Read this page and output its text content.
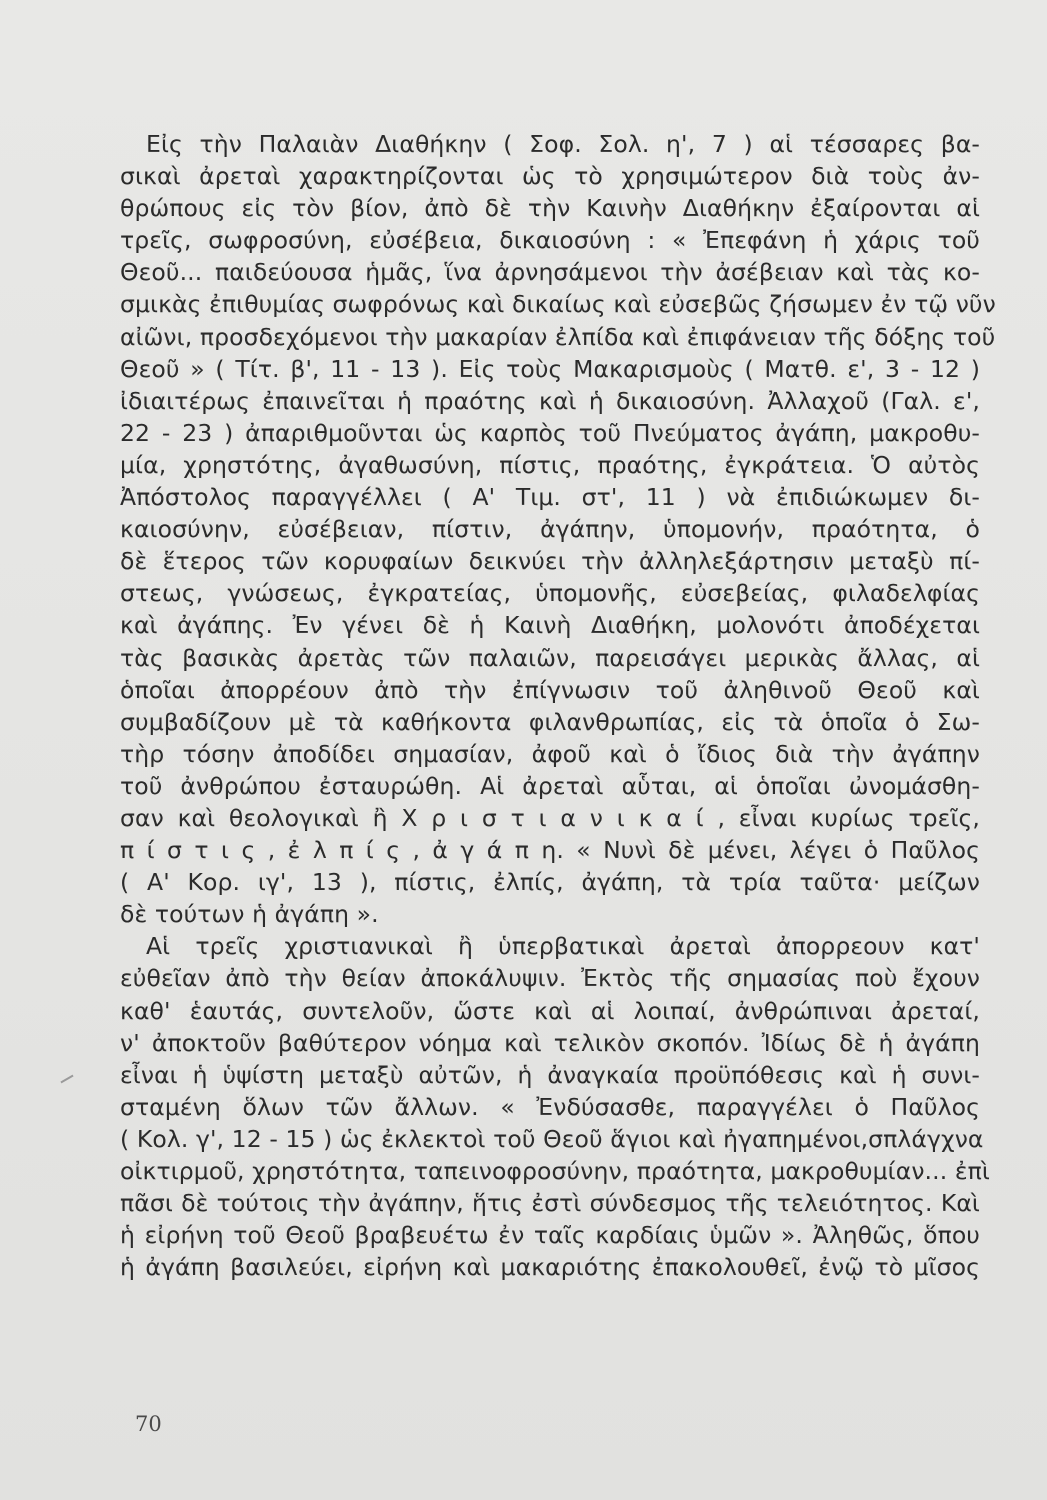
Εἰς τὴν Παλαιὰν Διαθήκην ( Σοφ. Σολ. η', 7 ) αἱ τέσσαρες βα-
σικαὶ ἀρεταὶ χαρακτηρίζονται ὡς τὸ χρησιμώτερον διὰ τοὺς ἀν-
θρώπους εἰς τὸν βίον, ἀπὸ δὲ τὴν Καινὴν Διαθήκην ἐξαίρονται αἱ
τρεῖς, σωφροσύνη, εὐσέβεια, δικαιοσύνη : « Ἐπεφάνη ἡ χάρις τοῦ
Θεοῦ... παιδεύουσα ἡμᾶς, ἵνα ἀρνησάμενοι τὴν ἀσέβειαν καὶ τὰς κο-
σμικὰς ἐπιθυμίας σωφρόνως καὶ δικαίως καὶ εὐσεβῶς ζήσωμεν ἐν τῷ νῦν
αἰῶνι, προσδεχόμενοι τὴν μακαρίαν ἐλπίδα καὶ ἐπιφάνειαν τῆς δόξης τοῦ
Θεοῦ » ( Τίτ. β', 11 - 13 ). Εἰς τοὺς Μακαρισμοὺς ( Ματθ. ε', 3 - 12 )
ἰδιαιτέρως ἐπαινεῖται ἡ πραότης καὶ ἡ δικαιοσύνη. Ἀλλαχοῦ (Γαλ. ε',
22 - 23 ) ἀπαριθμοῦνται ὡς καρπὸς τοῦ Πνεύματος ἀγάπη, μακροθυ-
μία, χρηστότης, ἀγαθωσύνη, πίστις, πραότης, ἐγκράτεια. Ὁ αὐτὸς
Ἀπόστολος παραγγέλλει ( Α' Τιμ. στ', 11 ) νὰ ἐπιδιώκωμεν δι-
καιοσύνην, εὐσέβειαν, πίστιν, ἀγάπην, ὑπομονήν, πραότητα, ὁ
δὲ ἕτερος τῶν κορυφαίων δεικνύει τὴν ἀλληλεξάρτησιν μεταξὺ πί-
στεως, γνώσεως, ἐγκρατείας, ὑπομονῆς, εὐσεβείας, φιλαδελφίας
καὶ ἀγάπης. Ἐν γένει δὲ ἡ Καινὴ Διαθήκη, μολονότι ἀποδέχεται
τὰς βασικὰς ἀρετὰς τῶν παλαιῶν, παρεισάγει μερικὰς ἄλλας, αἱ
ὁποῖαι ἀπορρέουν ἀπὸ τὴν ἐπίγνωσιν τοῦ ἀληθινοῦ Θεοῦ καὶ
συμβαδίζουν μὲ τὰ καθήκοντα φιλανθρωπίας, εἰς τὰ ὁποῖα ὁ Σω-
τὴρ τόσην ἀποδίδει σημασίαν, ἀφοῦ καὶ ὁ ἴδιος διὰ τὴν ἀγάπην
τοῦ ἀνθρώπου ἐσταυρώθη. Αἱ ἀρεταὶ αὗται, αἱ ὁποῖαι ὠνομάσθη-
σαν καὶ θεολογικαὶ ἢ Χ ρ ι σ τ ι α ν ι κ α ί , εἶναι κυρίως τρεῖς,
π ί σ τ ι ς , ἐ λ π ί ς , ἀ γ ά π η. « Νυνὶ δὲ μένει, λέγει ὁ Παῦλος
( Α' Κορ. ιγ', 13 ), πίστις, ἐλπίς, ἀγάπη, τὰ τρία ταῦτα· μείζων
δὲ τούτων ἡ ἀγάπη ».

Αἱ τρεῖς χριστιανικαὶ ἢ ὑπερβατικαὶ ἀρεταὶ ἀπορρεουν κατ'
εὐθεῖαν ἀπὸ τὴν θείαν ἀποκάλυψιν. Ἐκτὸς τῆς σημασίας ποὺ ἔχουν
καθ' ἑαυτάς, συντελοῦν, ὥστε καὶ αἱ λοιπαί, ἀνθρώπιναι ἀρεταί,
ν' ἀποκτοῦν βαθύτερον νόημα καὶ τελικὸν σκοπόν. Ἰδίως δὲ ἡ ἀγάπη
εἶναι ἡ ὑψίστη μεταξὺ αὐτῶν, ἡ ἀναγκαία προϋπόθεσις καὶ ἡ συνι-
σταμένη ὅλων τῶν ἄλλων. « Ἐνδύσασθε, παραγγέλει ὁ Παῦλος
( Κολ. γ', 12 - 15 ) ὡς ἐκλεκτοὶ τοῦ Θεοῦ ἅγιοι καὶ ἠγαπημένοι,σπλάγχνα
οἰκτιρμοῦ, χρηστότητα, ταπεινοφροσύνην, πραότητα, μακροθυμίαν... ἐπὶ
πᾶσι δὲ τούτοις τὴν ἀγάπην, ἥτις ἐστὶ σύνδεσμος τῆς τελειότητος. Καὶ
ἡ εἰρήνη τοῦ Θεοῦ βραβευέτω ἐν ταῖς καρδίαις ὑμῶν ». Ἀληθῶς, ὅπου
ἡ ἀγάπη βασιλεύει, εἰρήνη καὶ μακαριότης ἐπακολουθεῖ, ἐνῷ τὸ μῖσος

70
